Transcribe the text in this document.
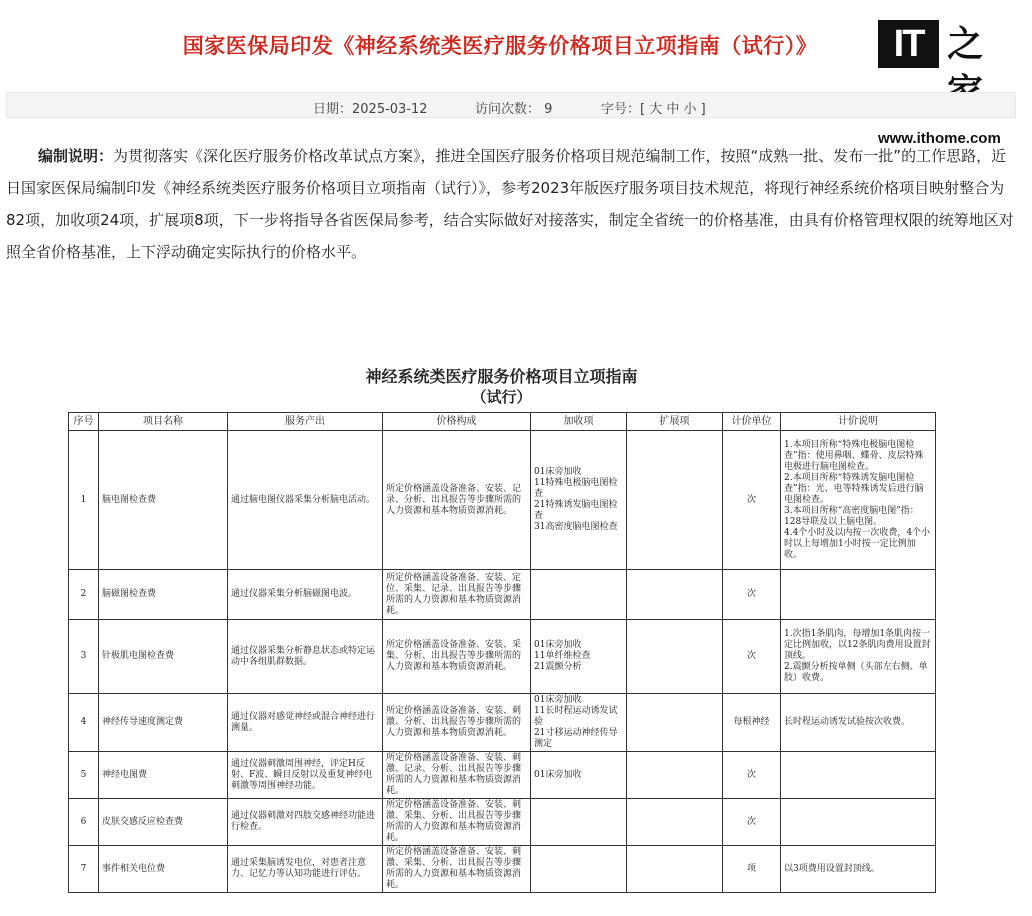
国家医保局印发《神经系统类医疗服务价格项目立项指南（试行）》	IT 之
www.ithome.com
日期：2025-03-12	访问次数： 9	字号：[ 大 中 小 ]
编制说明：为贯彻落实《深化医疗服务价格改革试点方案》，推进全国医疗服务价格项目规范编制工作，按照“成熟一批、发布一批”的工作思路，近日国家医保局编制印发《神经系统类医疗服务价格项目立项指南（试行）》，参考2023年版医疗服务项目技术规范，将现行神经系统价格项目映射整合为82项，加收项24项，扩展项8项，下一步将指导各省医保局参考，结合实际做好对接落实，制定全省统一的价格基准，由具有价格管理权限的统筹地区对照全省价格基准，上下浮动确定实际执行的价格水平。
神经系统类医疗服务价格项目立项指南
（试行）
序号	项目名称	服务产出	价格构成	加收项	扩展项	计价单位	计价说明
1	脑电图检查费	通过脑电图仪器采集分析脑电活动。	所定价格涵盖设备准备、安装、记录、分析、出具报告等步骤所需的人力资源和基本物质资源消耗。	01床旁加收
11特殊电极脑电图检查
21特殊诱发脑电图检查
31高密度脑电图检查		次	1.本项目所称“特殊电极脑电图检查”指：使用鼻咽、蝶骨、皮层特殊电极进行脑电图检查。
2.本项目所称“特殊诱发脑电图检查”指：光、电等特殊诱发后进行脑电图检查。
3.本项目所称“高密度脑电图”指：128导联及以上脑电图。
4.4个小时及以内按一次收费，4个小时以上每增加1小时按一定比例加收。
2	脑磁图检查费	通过仪器采集分析脑磁图电波。	所定价格涵盖设备准备、安装、定位、采集、记录、出具报告等步骤所需的人力资源和基本物质资源消耗。			次	
3	针极肌电图检查费	通过仪器采集分析静息状态或特定运动中各组肌群数据。	所定价格涵盖设备准备、安装、采集、分析、出具报告等步骤所需的人力资源和基本物质资源消耗。	01床旁加收
11单纤维检查
21震颤分析		次	1.次指1条肌肉，每增加1条肌肉按一定比例加收，以12条肌肉费用设置封顶线。
2.震颤分析按单侧（头部左右侧、单肢）收费。
4	神经传导速度测定费	通过仪器对感觉神经或混合神经进行测量。	所定价格涵盖设备准备、安装、刺激、分析、出具报告等步骤所需的人力资源和基本物质资源消耗。	01床旁加收
11长时程运动诱发试验
21寸移运动神经传导测定		每根神经	长时程运动诱发试验按次收费。
5	神经电图费	通过仪器刺激周围神经，评定H反射、F波、瞬目反射以及重复神经电刺激等周围神经功能。	所定价格涵盖设备准备、安装、刺激、记录、分析、出具报告等步骤所需的人力资源和基本物质资源消耗。	01床旁加收		次	
6	皮肤交感反应检查费	通过仪器刺激对四肢交感神经功能进行检查。	所定价格涵盖设备准备、安装、刺激、采集、分析、出具报告等步骤所需的人力资源和基本物质资源消耗。			次	
7	事件相关电位费	通过采集脑诱发电位，对患者注意力、记忆力等认知功能进行评估。	所定价格涵盖设备准备、安装、刺激、采集、分析、出具报告等步骤所需的人力资源和基本物质资源消耗。			项	以3项费用设置封顶线。
